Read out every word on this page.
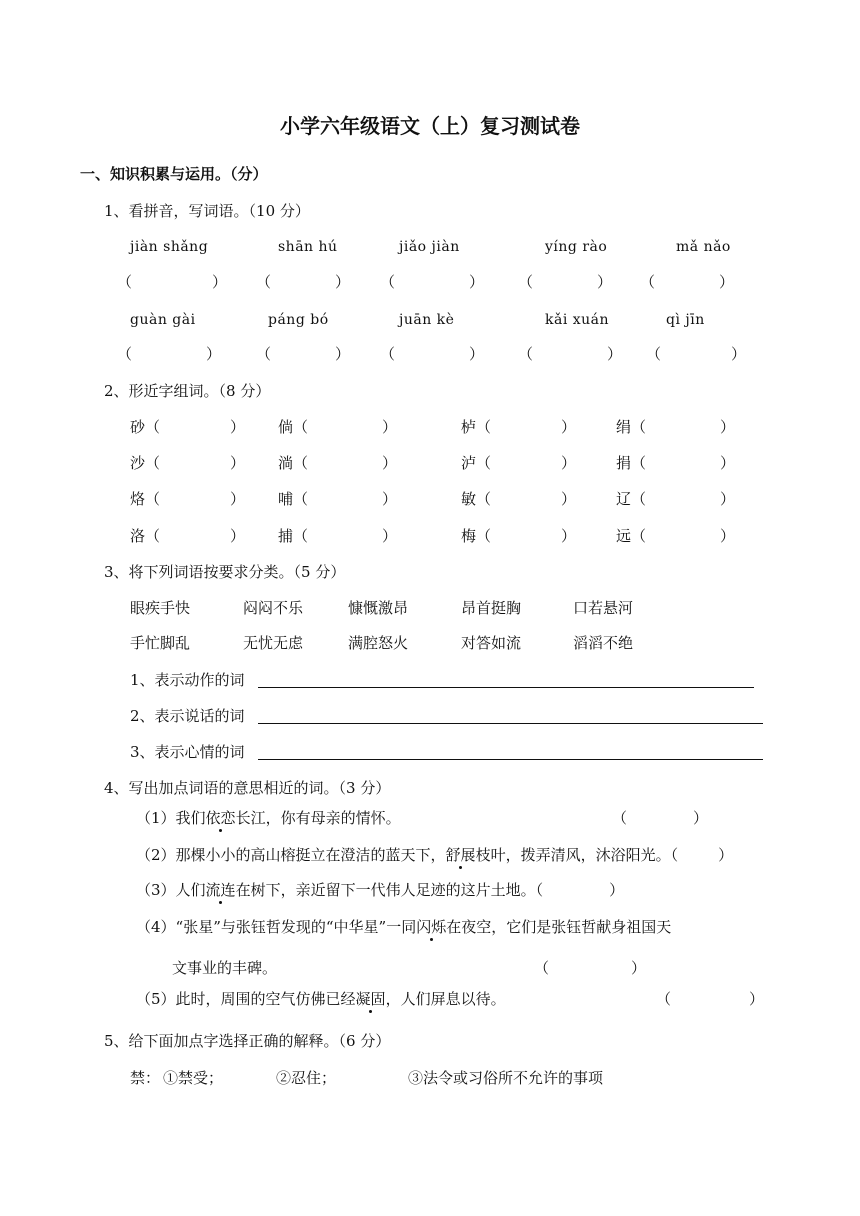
小学六年级语文（上）复习测试卷
一、知识积累与运用。（分）
1、看拼音，写词语。（10 分）
jiàn shǎng	shān hú	jiǎo jiàn	yíng rào	mǎ nǎo
（	） （	） （	） （	） （	）
guàn gài	páng bó	juān kè	kǎi xuán	qì jīn
（	） （	） （	） （	） （	）
2、形近字组词。（8 分）
砂（	） 倘（	）	栌（	）	绢（	）
沙（	） 淌（	）	泸（	）	捐（	）
烙（	） 哺（	）	敏（	）	辽（	）
洛（	） 捕（	）	梅（	）	远（	）
3、将下列词语按要求分类。（5 分）
眼疾手快	闷闷不乐	慷慨激昂	昂首挺胸	口若悬河
手忙脚乱	无忧无虑	满腔怒火	对答如流	滔滔不绝
1、表示动作的词
2、表示说话的词
3、表示心情的词
4、写出加点词语的意思相近的词。（3 分）
（1）我们依恋长江，你有母亲的情怀。	（	）
（2）那棵小小的高山榕挺立在澄洁的蓝天下，舒展枝叶，拨弄清风，沐浴阳光。（	）
（3）人们流连在树下，亲近留下一代伟人足迹的这片土地。（	）
（4）“张星”与张钰哲发现的“中华星”一同闪烁在夜空，它们是张钰哲献身祖国天
文事业的丰碑。	（	）
（5）此时，周围的空气仿佛已经凝固，人们屏息以待。	（	）
5、给下面加点字选择正确的解释。（6 分）
禁： ①禁受；	②忍住；	③法令或习俗所不允许的事项
